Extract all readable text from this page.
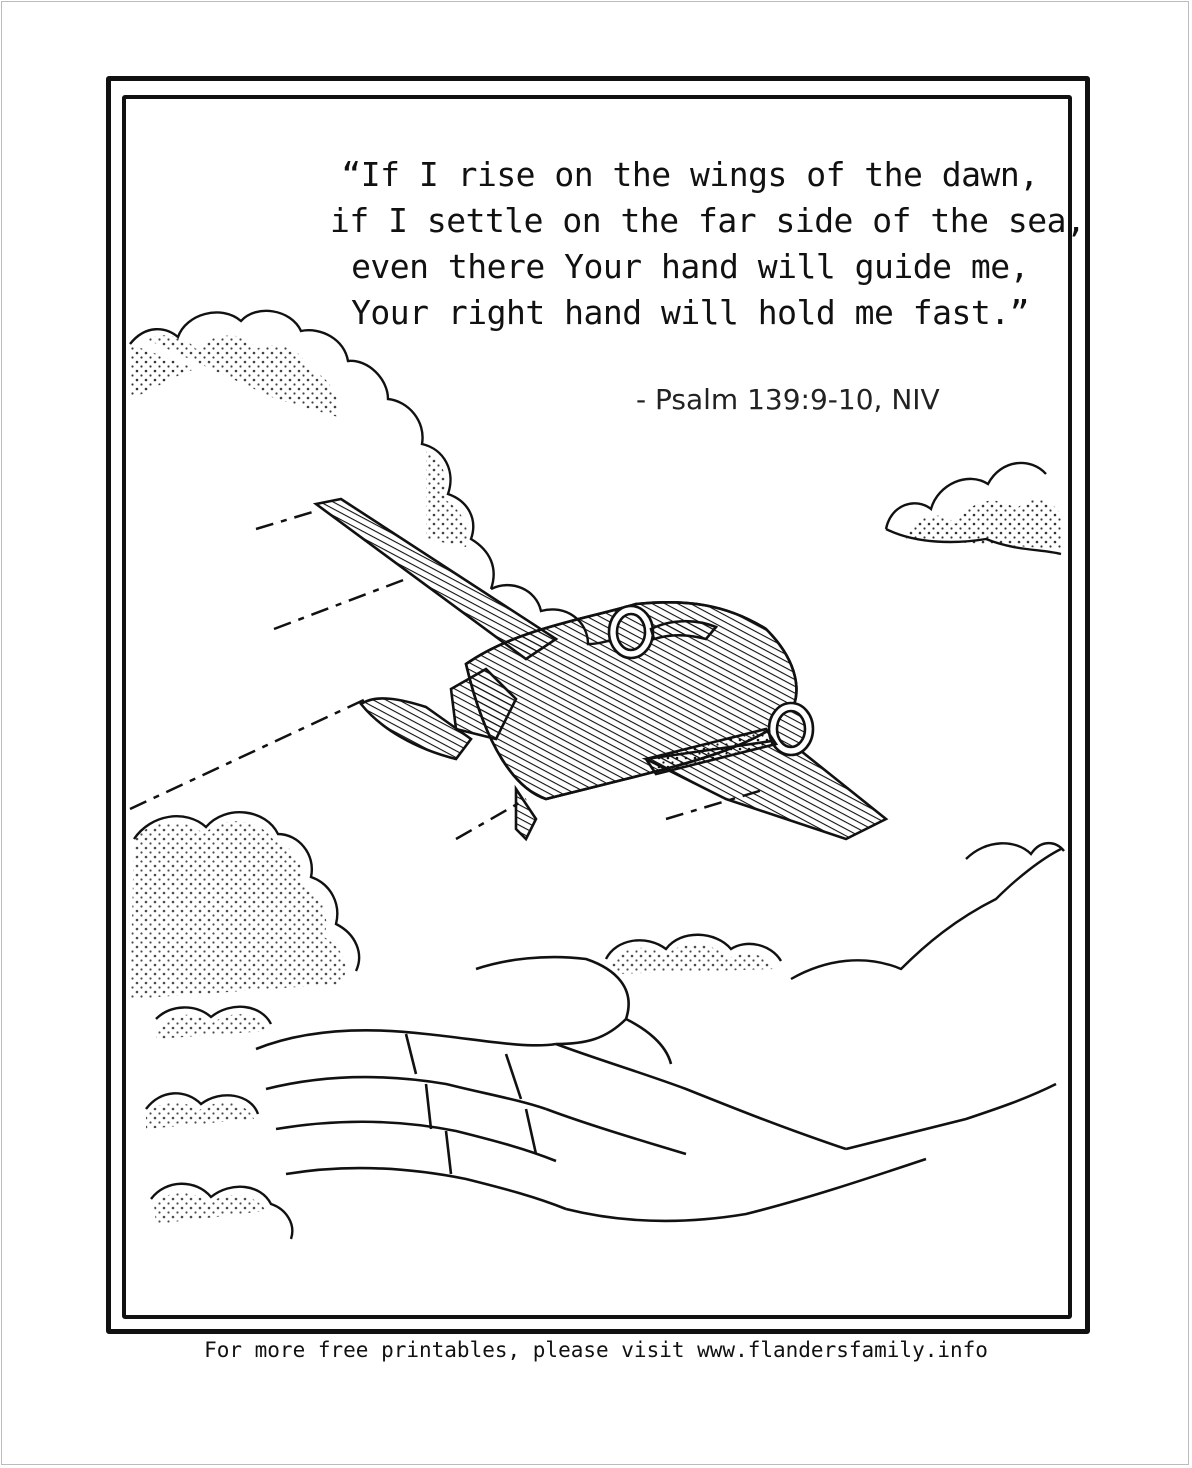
“If I rise on the wings of the dawn,
if I settle on the far side of the sea,
even there Your hand will guide me,
Your right hand will hold me fast.”
- Psalm 139:9-10, NIV
For more free printables, please visit www.flandersfamily.info
